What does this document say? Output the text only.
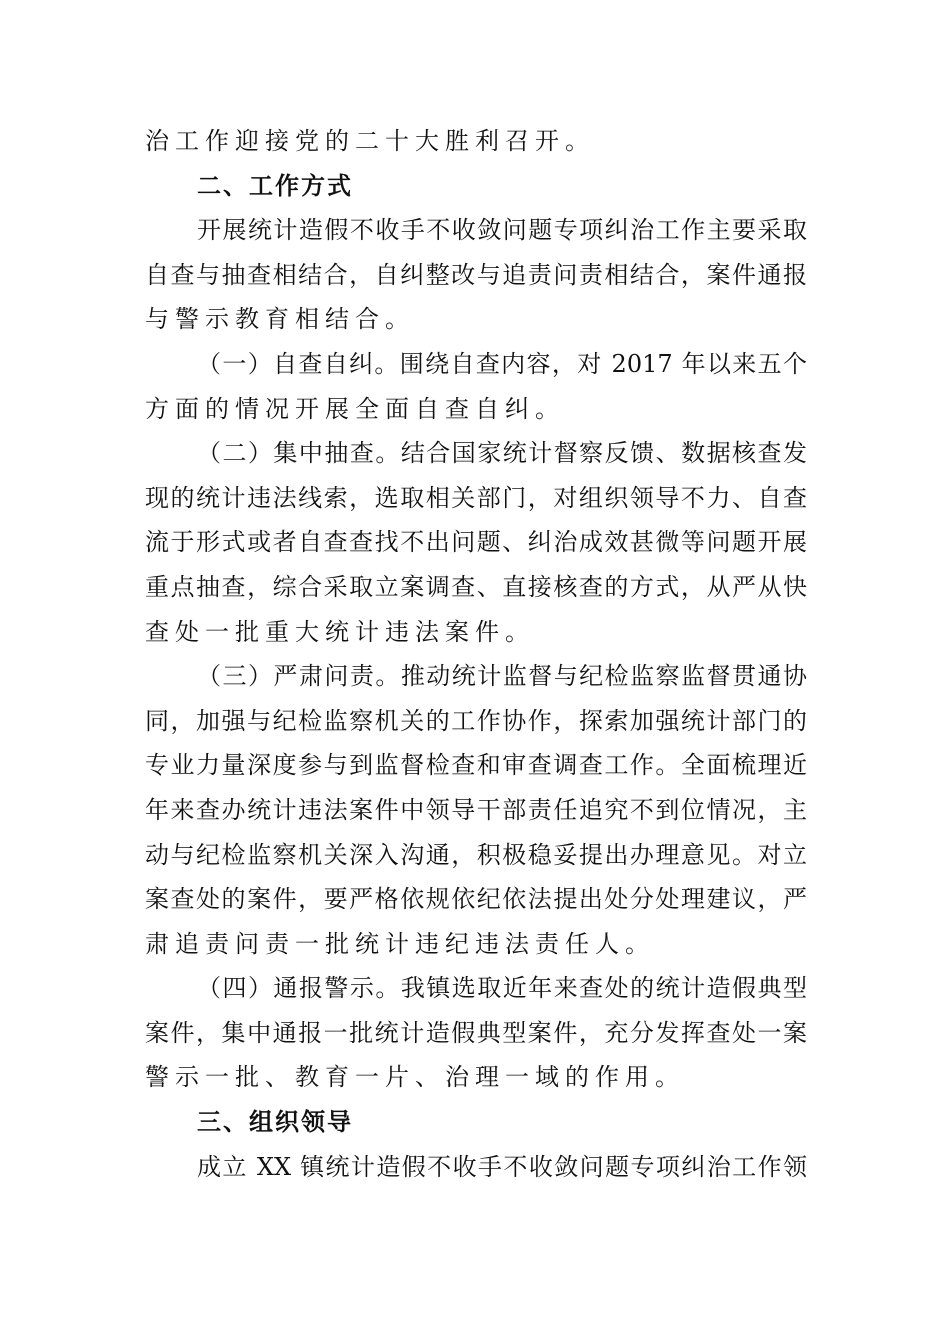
治工作迎接党的二十大胜利召开。
二、工作方式
开展统计造假不收手不收敛问题专项纠治工作主要采取
自查与抽查相结合，自纠整改与追责问责相结合，案件通报
与警示教育相结合。
（一）自查自纠。围绕自查内容，对 2017 年以来五个
方面的情况开展全面自查自纠。
（二）集中抽查。结合国家统计督察反馈、数据核查发
现的统计违法线索，选取相关部门，对组织领导不力、自查
流于形式或者自查查找不出问题、纠治成效甚微等问题开展
重点抽查，综合采取立案调查、直接核查的方式，从严从快
查处一批重大统计违法案件。
（三）严肃问责。推动统计监督与纪检监察监督贯通协
同，加强与纪检监察机关的工作协作，探索加强统计部门的
专业力量深度参与到监督检查和审查调查工作。全面梳理近
年来查办统计违法案件中领导干部责任追究不到位情况，主
动与纪检监察机关深入沟通，积极稳妥提出办理意见。对立
案查处的案件，要严格依规依纪依法提出处分处理建议，严
肃追责问责一批统计违纪违法责任人。
（四）通报警示。我镇选取近年来查处的统计造假典型
案件，集中通报一批统计造假典型案件，充分发挥查处一案
警示一批、教育一片、治理一域的作用。
三、组织领导
成立 XX 镇统计造假不收手不收敛问题专项纠治工作领
